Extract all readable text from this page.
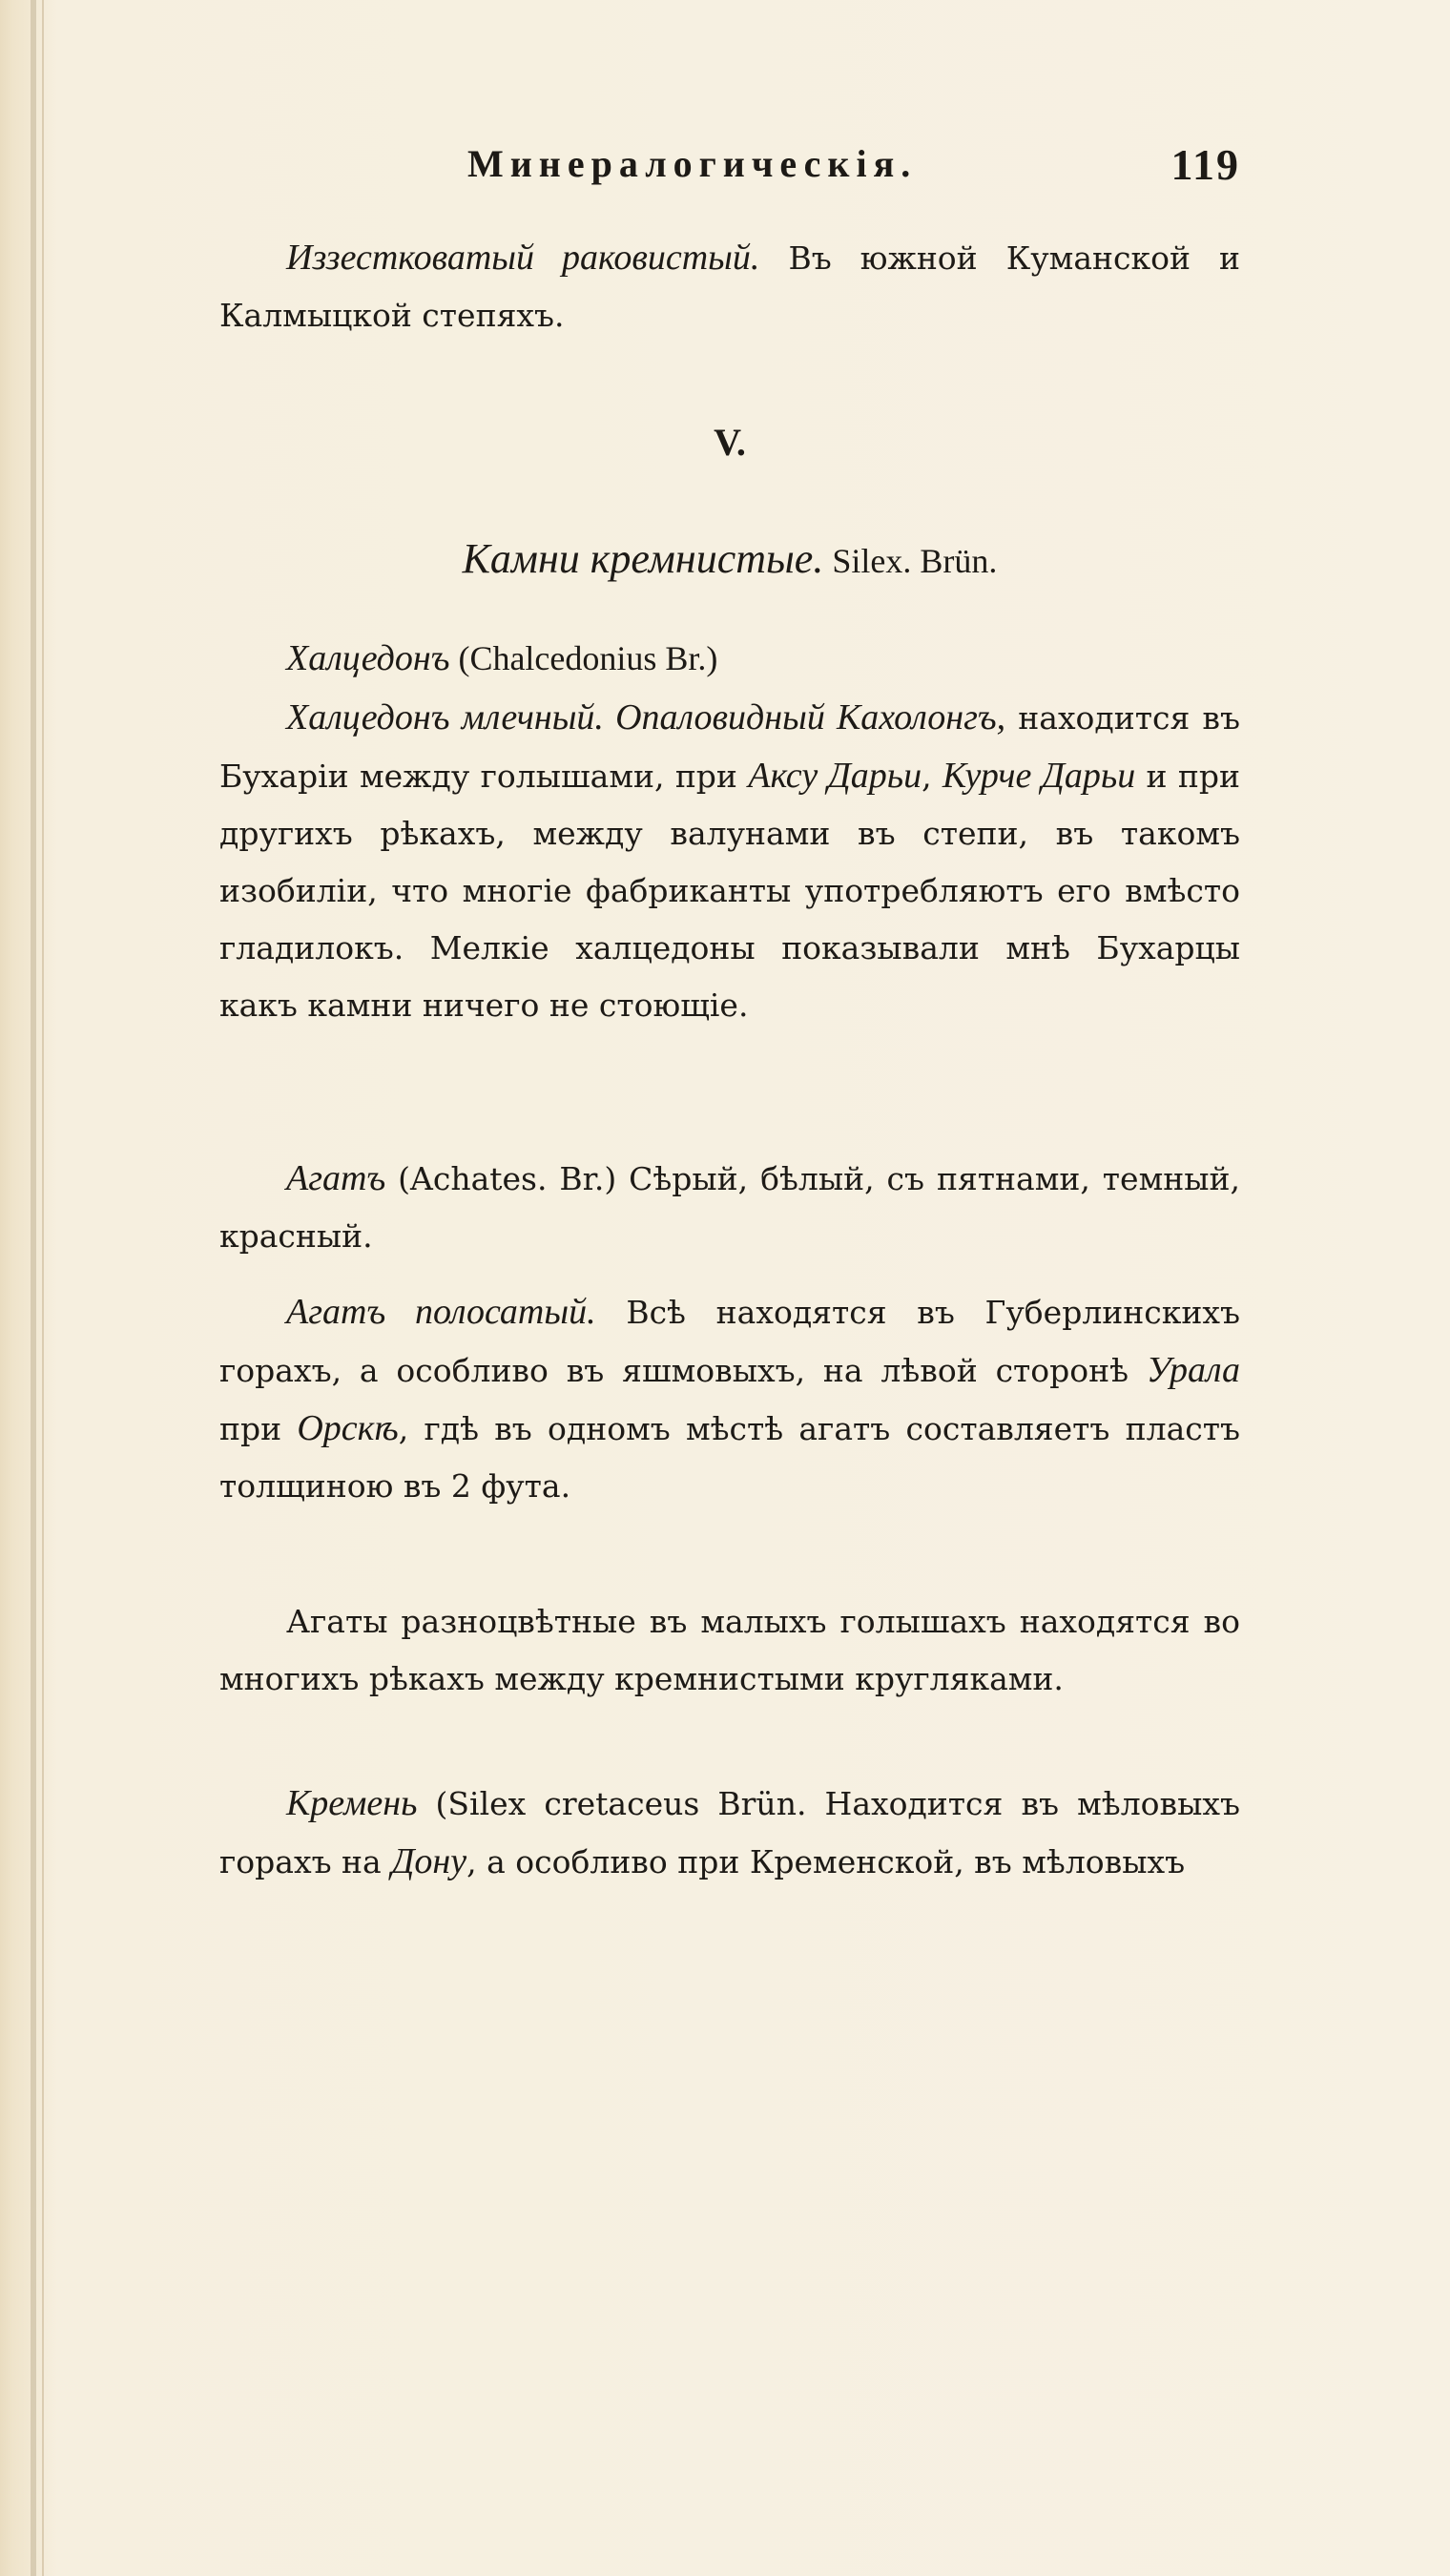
Минералогическія.	119
Иззестковатый раковистый. Въ южной Куманской и Калмыцкой степяхъ.
V.
Камни кремнистые. Silex. Brün.
Халцедонъ (Chalcedonius Br.)
Халцедонъ млечный. Опаловидный Кахолонгъ, находится въ Бухаріи между голышами, при Аксу Дарьи, Курче Дарьи и при другихъ рѣкахъ, между валунами въ степи, въ такомъ изобиліи, что многіе фабриканты употребляютъ его вмѣсто гладилокъ. Мелкіе халцедоны показывали мнѣ Бухарцы какъ камни ничего не стоющіе.
Агатъ (Achates. Br.) Сѣрый, бѣлый, съ пятнами, темный, красный.
Агатъ полосатый. Всѣ находятся въ Губерлинскихъ горахъ, а особливо въ яшмовыхъ, на лѣвой сторонѣ Урала при Орскѣ, гдѣ въ одномъ мѣстѣ агатъ составляетъ пластъ толщиною въ 2 фута.
Агаты разноцвѣтные въ малыхъ голышахъ находятся во многихъ рѣкахъ между кремнистыми кругляками.
Кремень (Silex cretaceus Brün. Находится въ мѣловыхъ горахъ на Дону, а особливо при Кременской, въ мѣловыхъ
